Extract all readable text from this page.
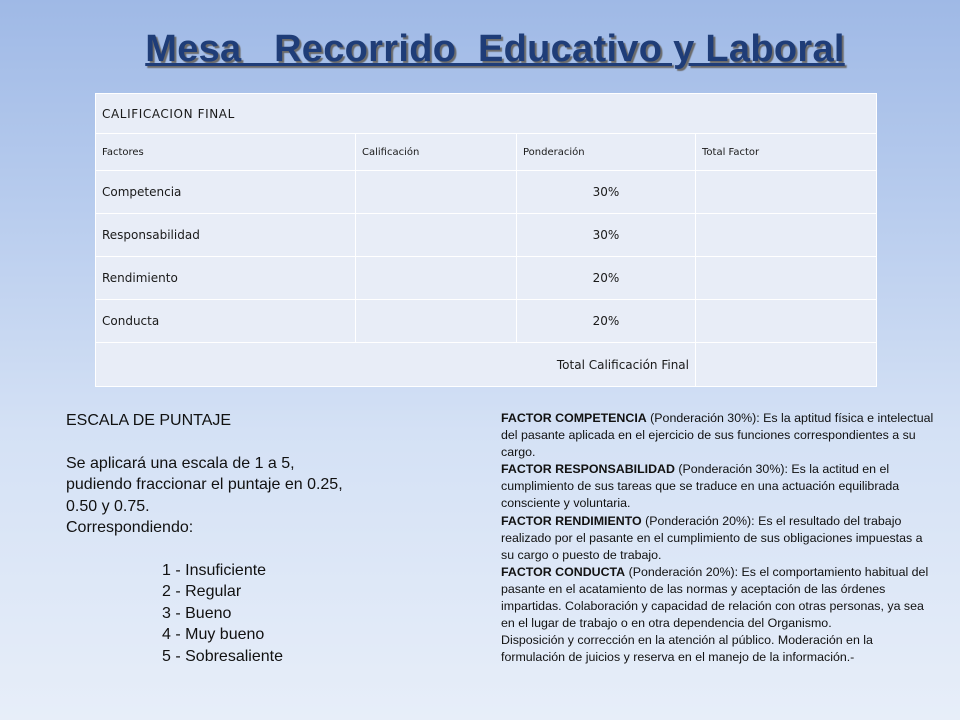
Mesa   Recorrido  Educativo y Laboral
CALIFICACION FINAL			
Factores	Calificación	Ponderación	Total Factor
Competencia		30%	
Responsabilidad		30%	
Rendimiento		20%	
Conducta		20%	
Total Calificación Final			
ESCALA DE PUNTAJE
Se aplicará una escala de 1 a 5,
pudiendo fraccionar el puntaje en 0.25,
0.50 y 0.75.
Correspondiendo:
1 - Insuficiente
2 - Regular
3 - Bueno
4 - Muy bueno
5 - Sobresaliente

FACTOR COMPETENCIA (Ponderación 30%): Es la aptitud física e intelectual del pasante aplicada en el ejercicio de sus funciones correspondientes a su cargo.

FACTOR RESPONSABILIDAD (Ponderación 30%): Es la actitud en el cumplimiento de sus tareas que se traduce en una actuación equilibrada consciente y voluntaria.

FACTOR RENDIMIENTO (Ponderación 20%): Es el resultado del trabajo realizado por el pasante en el cumplimiento de sus obligaciones impuestas a su cargo o puesto de trabajo.

FACTOR CONDUCTA (Ponderación 20%): Es el comportamiento habitual del pasante en el acatamiento de las normas y aceptación de las órdenes impartidas. Colaboración y capacidad de relación con otras personas, ya sea en el lugar de trabajo o en otra dependencia del Organismo.

Disposición y corrección en la atención al público. Moderación en la formulación de juicios y reserva en el manejo de la información.-
